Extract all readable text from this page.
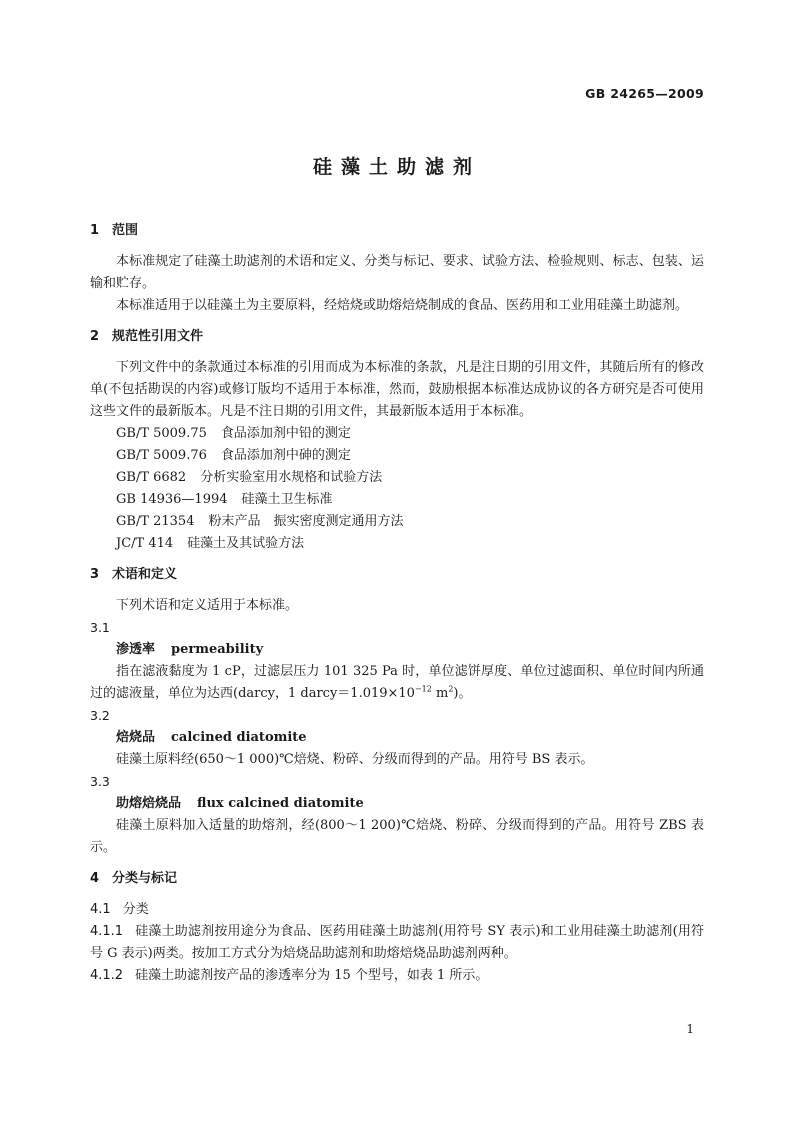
GB 24265—2009
硅藻土助滤剂
1 范围

本标准规定了硅藻土助滤剂的术语和定义、分类与标记、要求、试验方法、检验规则、标志、包装、运输和贮存。

本标准适用于以硅藻土为主要原料，经焙烧或助熔焙烧制成的食品、医药用和工业用硅藻土助滤剂。

2 规范性引用文件

下列文件中的条款通过本标准的引用而成为本标准的条款，凡是注日期的引用文件，其随后所有的修改单(不包括勘误的内容)或修订版均不适用于本标准，然而，鼓励根据本标准达成协议的各方研究是否可使用这些文件的最新版本。凡是不注日期的引用文件，其最新版本适用于本标准。

GB/T 5009.75 食品添加剂中铅的测定

GB/T 5009.76 食品添加剂中砷的测定

GB/T 6682 分析实验室用水规格和试验方法

GB 14936—1994 硅藻土卫生标准

GB/T 21354 粉末产品　振实密度测定通用方法

JC/T 414 硅藻土及其试验方法

3 术语和定义

下列术语和定义适用于本标准。

3.1

渗透率 permeability

指在滤液黏度为 1 cP，过滤层压力 101 325 Pa 时，单位滤饼厚度、单位过滤面积、单位时间内所通过的滤液量，单位为达西(darcy，1 $darcy=1.019\times 10^{-12}$ $m^2$)。

3.2

焙烧品 calcined diatomite

硅藻土原料经(650～1 000)℃焙烧、粉碎、分级而得到的产品。用符号 BS 表示。

3.3

助熔焙烧品 flux calcined diatomite

硅藻土原料加入适量的助熔剂，经(800～1 200)℃焙烧、粉碎、分级而得到的产品。用符号 ZBS 表示。

4 分类与标记

4.1 分类

4.1.1 硅藻土助滤剂按用途分为食品、医药用硅藻土助滤剂(用符号 SY 表示)和工业用硅藻土助滤剂(用符号 G 表示)两类。按加工方式分为焙烧品助滤剂和助熔焙烧品助滤剂两种。

4.1.2 硅藻土助滤剂按产品的渗透率分为 15 个型号，如表 1 所示。

1
